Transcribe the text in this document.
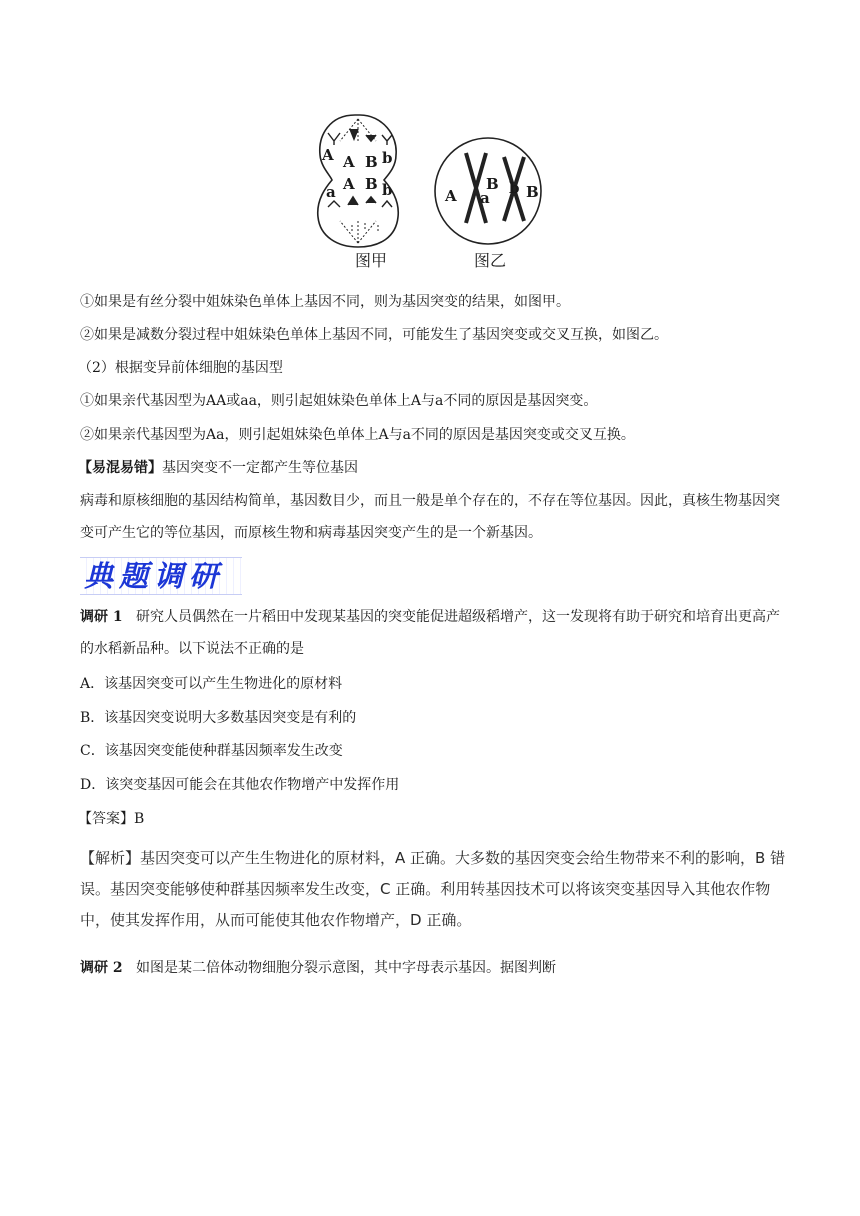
A A B b
a A B b	A
B
a
b B
图甲	图乙
①如果是有丝分裂中姐妹染色单体上基因不同，则为基因突变的结果，如图甲。
②如果是减数分裂过程中姐妹染色单体上基因不同，可能发生了基因突变或交叉互换，如图乙。
（2）根据变异前体细胞的基因型
①如果亲代基因型为AA或aa，则引起姐妹染色单体上A与a不同的原因是基因突变。
②如果亲代基因型为Aa，则引起姐妹染色单体上A与a不同的原因是基因突变或交叉互换。
【易混易错】基因突变不一定都产生等位基因
病毒和原核细胞的基因结构简单，基因数目少，而且一般是单个存在的，不存在等位基因。因此，真核生物基因突变可产生它的等位基因，而原核生物和病毒基因突变产生的是一个新基因。
典题调研
调研 1 研究人员偶然在一片稻田中发现某基因的突变能促进超级稻增产，这一发现将有助于研究和培育出更高产的水稻新品种。以下说法不正确的是
A．该基因突变可以产生生物进化的原材料
B．该基因突变说明大多数基因突变是有利的
C．该基因突变能使种群基因频率发生改变
D．该突变基因可能会在其他农作物增产中发挥作用
【答案】B
【解析】基因突变可以产生生物进化的原材料，A 正确。大多数的基因突变会给生物带来不利的影响，B 错误。基因突变能够使种群基因频率发生改变，C 正确。利用转基因技术可以将该突变基因导入其他农作物中，使其发挥作用，从而可能使其他农作物增产，D 正确。
调研 2 如图是某二倍体动物细胞分裂示意图，其中字母表示基因。据图判断
